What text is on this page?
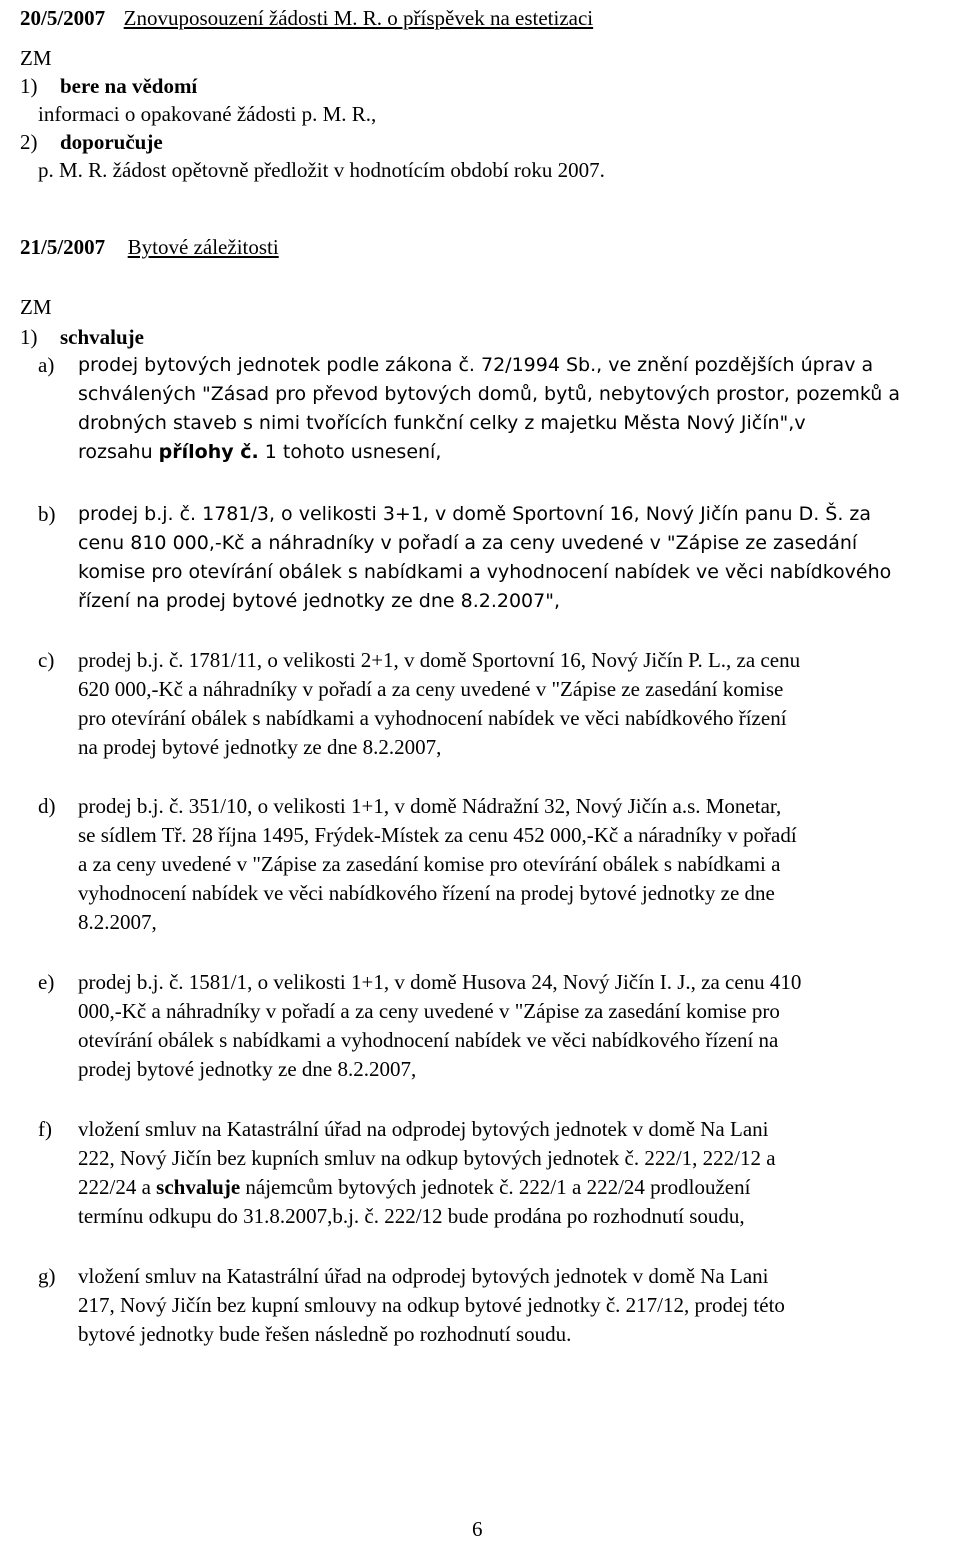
20/5/2007 Znovuposouzení žádosti M. R. o příspěvek na estetizaci
ZM
1) bere na vědomí
informaci o opakované žádosti p. M. R.,
2) doporučuje
p. M. R. žádost opětovně předložit v hodnotícím období roku 2007.
21/5/2007 Bytové záležitosti
ZM
1) schvaluje
a) prodej bytových jednotek podle zákona č. 72/1994 Sb., ve znění pozdějších úprav a
schválených "Zásad pro převod bytových domů, bytů, nebytových prostor, pozemků a
drobných staveb s nimi tvořících funkční celky z majetku Města Nový Jičín",v
rozsahu přílohy č. 1 tohoto usnesení,
b) prodej b.j. č. 1781/3, o velikosti 3+1, v domě Sportovní 16, Nový Jičín panu D. Š. za
cenu 810 000,-Kč a náhradníky v pořadí a za ceny uvedené v "Zápise ze zasedání
komise pro otevírání obálek s nabídkami a vyhodnocení nabídek ve věci nabídkového
řízení na prodej bytové jednotky ze dne 8.2.2007",
c) prodej b.j. č. 1781/11, o velikosti 2+1, v domě Sportovní 16, Nový Jičín P. L., za cenu
620 000,-Kč a náhradníky v pořadí a za ceny uvedené v "Zápise ze zasedání komise
pro otevírání obálek s nabídkami a vyhodnocení nabídek ve věci nabídkového řízení
na prodej bytové jednotky ze dne 8.2.2007,
d) prodej b.j. č. 351/10, o velikosti 1+1, v domě Nádražní 32, Nový Jičín a.s. Monetar,
se sídlem Tř. 28 října 1495, Frýdek-Místek za cenu 452 000,-Kč a náradníky v pořadí
a za ceny uvedené v "Zápise za zasedání komise pro otevírání obálek s nabídkami a
vyhodnocení nabídek ve věci nabídkového řízení na prodej bytové jednotky ze dne
8.2.2007,
e) prodej b.j. č. 1581/1, o velikosti 1+1, v domě Husova 24, Nový Jičín I. J., za cenu 410
000,-Kč a náhradníky v pořadí a za ceny uvedené v "Zápise za zasedání komise pro
otevírání obálek s nabídkami a vyhodnocení nabídek ve věci nabídkového řízení na
prodej bytové jednotky ze dne 8.2.2007,
f) vložení smluv na Katastrální úřad na odprodej bytových jednotek v domě Na Lani
222, Nový Jičín bez kupních smluv na odkup bytových jednotek č. 222/1, 222/12 a
222/24 a schvaluje nájemcům bytových jednotek č. 222/1 a 222/24 prodloužení
termínu odkupu do 31.8.2007,b.j. č. 222/12 bude prodána po rozhodnutí soudu,
g) vložení smluv na Katastrální úřad na odprodej bytových jednotek v domě Na Lani
217, Nový Jičín bez kupní smlouvy na odkup bytové jednotky č. 217/12, prodej této
bytové jednotky bude řešen následně po rozhodnutí soudu.
6
